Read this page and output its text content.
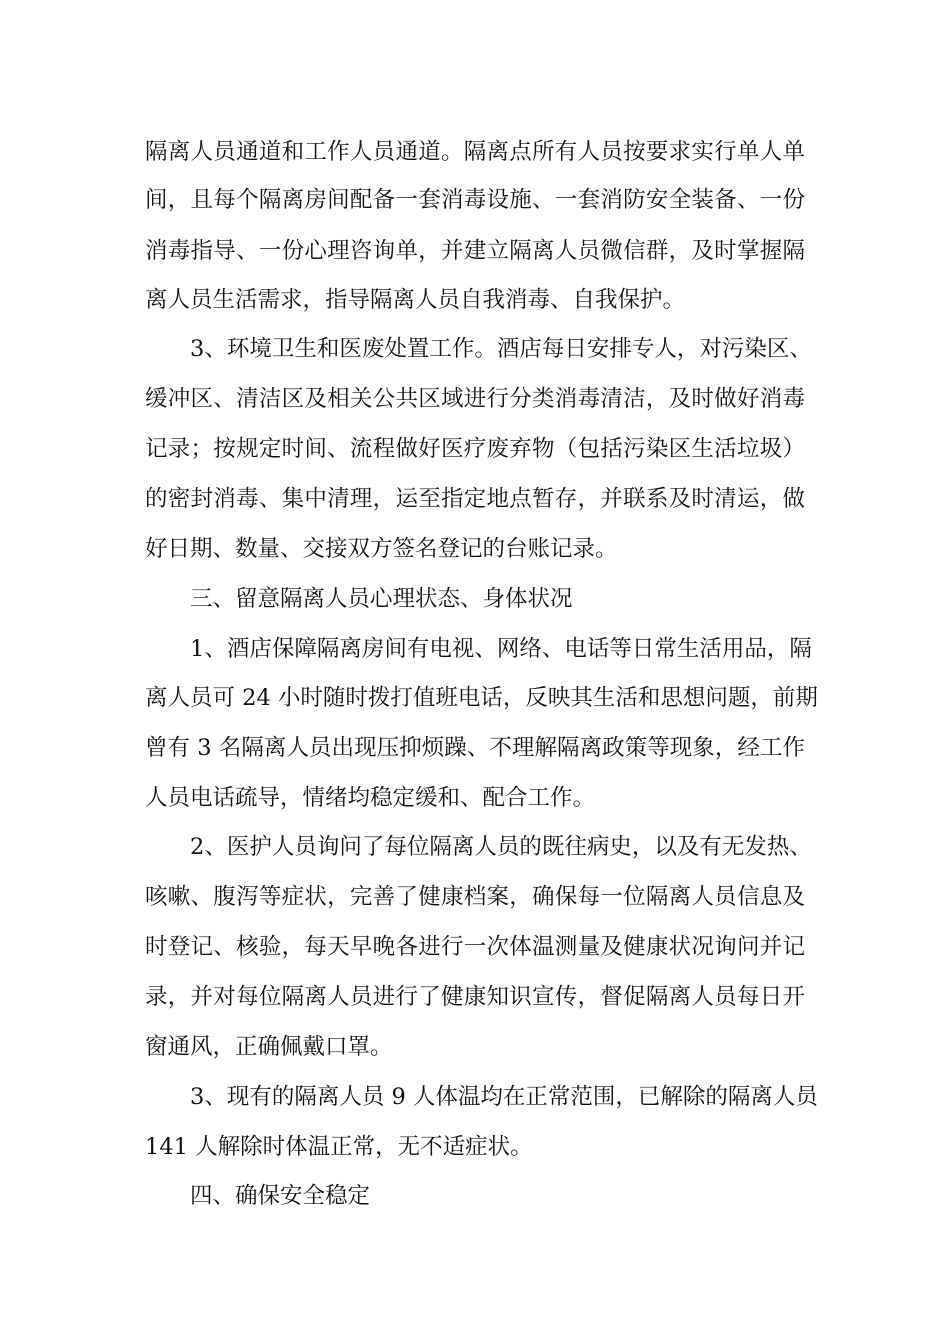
隔离人员通道和工作人员通道。隔离点所有人员按要求实行单人单
间，且每个隔离房间配备一套消毒设施、一套消防安全装备、一份
消毒指导、一份心理咨询单，并建立隔离人员微信群，及时掌握隔
离人员生活需求，指导隔离人员自我消毒、自我保护。
3、环境卫生和医废处置工作。酒店每日安排专人，对污染区、
缓冲区、清洁区及相关公共区域进行分类消毒清洁，及时做好消毒
记录；按规定时间、流程做好医疗废弃物（包括污染区生活垃圾）
的密封消毒、集中清理，运至指定地点暂存，并联系及时清运，做
好日期、数量、交接双方签名登记的台账记录。
三、留意隔离人员心理状态、身体状况
1、酒店保障隔离房间有电视、网络、电话等日常生活用品，隔
离人员可 24 小时随时拨打值班电话，反映其生活和思想问题，前期
曾有 3 名隔离人员出现压抑烦躁、不理解隔离政策等现象，经工作
人员电话疏导，情绪均稳定缓和、配合工作。
2、医护人员询问了每位隔离人员的既往病史，以及有无发热、
咳嗽、腹泻等症状，完善了健康档案，确保每一位隔离人员信息及
时登记、核验，每天早晚各进行一次体温测量及健康状况询问并记
录，并对每位隔离人员进行了健康知识宣传，督促隔离人员每日开
窗通风，正确佩戴口罩。
3、现有的隔离人员 9 人体温均在正常范围，已解除的隔离人员
141 人解除时体温正常，无不适症状。
四、确保安全稳定
